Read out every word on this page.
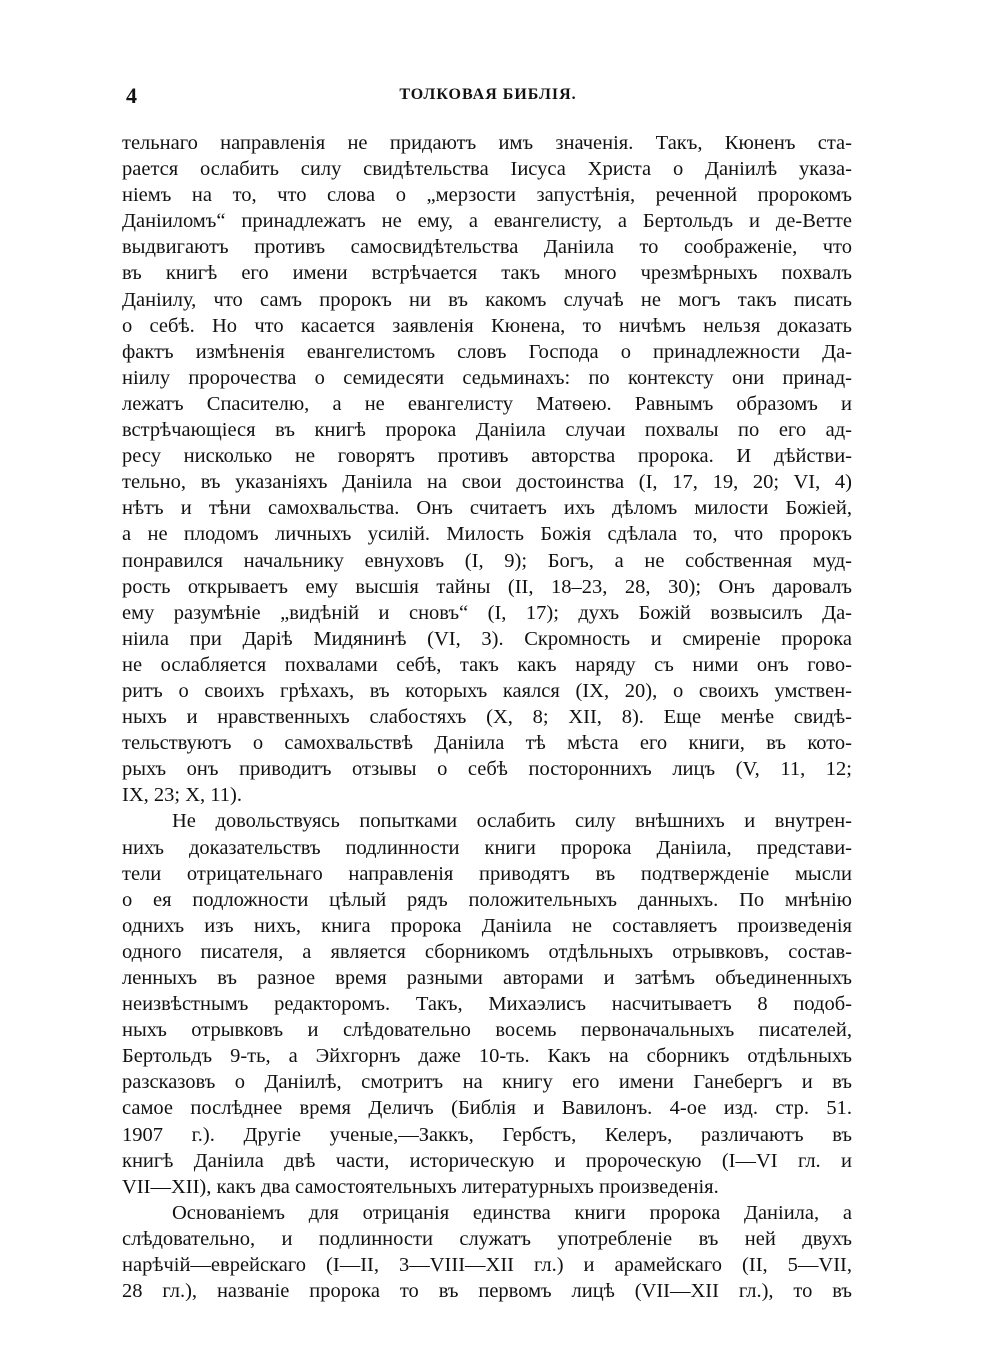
4	ТОЛКОВАЯ БИБЛІЯ.
тельнаго направленія не придаютъ имъ значенія. Такъ, Кюненъ ста-
рается ослабить силу свидѣтельства Іисуса Христа о Даніилѣ указа-
ніемъ на то, что слова о „мерзости запустѣнія, реченной пророкомъ
Даніиломъ“ принадлежатъ не ему, а евангелисту, а Бертольдъ и де-Ветте
выдвигаютъ противъ самосвидѣтельства Даніила то соображеніе, что
въ книгѣ его имени встрѣчается такъ много чрезмѣрныхъ похвалъ
Даніилу, что самъ пророкъ ни въ какомъ случаѣ не могъ такъ писать
о себѣ. Но что касается заявленія Кюнена, то ничѣмъ нельзя доказать
фактъ измѣненія евангелистомъ словъ Господа о принадлежности Да-
ніилу пророчества о семидесяти седьминахъ: по контексту они принад-
лежатъ Спасителю, а не евангелисту Матѳею. Равнымъ образомъ и
встрѣчающіеся въ книгѣ пророка Даніила случаи похвалы по его ад-
ресу нисколько не говорятъ противъ авторства пророка. И дѣйстви-
тельно, въ указаніяхъ Даніила на свои достоинства (I, 17, 19, 20; VI, 4)
нѣтъ и тѣни самохвальства. Онъ считаетъ ихъ дѣломъ милости Божіей,
а не плодомъ личныхъ усилій. Милость Божія сдѣлала то, что пророкъ
понравился начальнику евнуховъ (I, 9); Богъ, а не собственная муд-
рость открываетъ ему высшія тайны (II, 18–23, 28, 30); Онъ даровалъ
ему разумѣніе „видѣній и сновъ“ (I, 17); духъ Божій возвысилъ Да-
ніила при Даріѣ Мидянинѣ (VI, 3). Скромность и смиреніе пророка
не ослабляется похвалами себѣ, такъ какъ наряду съ ними онъ гово-
ритъ о своихъ грѣхахъ, въ которыхъ каялся (IX, 20), о своихъ умствен-
ныхъ и нравственныхъ слабостяхъ (X, 8; XII, 8). Еще менѣе свидѣ-
тельствуютъ о самохвальствѣ Даніила тѣ мѣста его книги, въ кото-
рыхъ онъ приводитъ отзывы о себѣ постороннихъ лицъ (V, 11, 12;
IX, 23; X, 11).
Не довольствуясь попытками ослабить силу внѣшнихъ и внутрен-
нихъ доказательствъ подлинности книги пророка Даніила, представи-
тели отрицательнаго направленія приводятъ въ подтвержденіе мысли
о ея подложности цѣлый рядъ положительныхъ данныхъ. По мнѣнію
однихъ изъ нихъ, книга пророка Даніила не составляетъ произведенія
одного писателя, а является сборникомъ отдѣльныхъ отрывковъ, состав-
ленныхъ въ разное время разными авторами и затѣмъ объединенныхъ
неизвѣстнымъ редакторомъ. Такъ, Михаэлисъ насчитываетъ 8 подоб-
ныхъ отрывковъ и слѣдовательно восемь первоначальныхъ писателей,
Бертольдъ 9-ть, а Эйхгорнъ даже 10-ть. Какъ на сборникъ отдѣльныхъ
разсказовъ о Даніилѣ, смотритъ на книгу его имени Ганебергъ и въ
самое послѣднее время Деличъ (Библія и Вавилонъ. 4-ое изд. стр. 51.
1907 г.). Другіе ученые,—Заккъ, Гербстъ, Келеръ, различаютъ въ
книгѣ Даніила двѣ части, историческую и пророческую (I—VI гл. и
VII—XII), какъ два самостоятельныхъ литературныхъ произведенія.
Основаніемъ для отрицанія единства книги пророка Даніила, а
слѣдовательно, и подлинности служатъ употребленіе въ ней двухъ
нарѣчій—еврейскаго (I—II, 3—VIII—XII гл.) и арамейскаго (II, 5—VII,
28 гл.), названіе пророка то въ первомъ лицѣ (VII—XII гл.), то въ
